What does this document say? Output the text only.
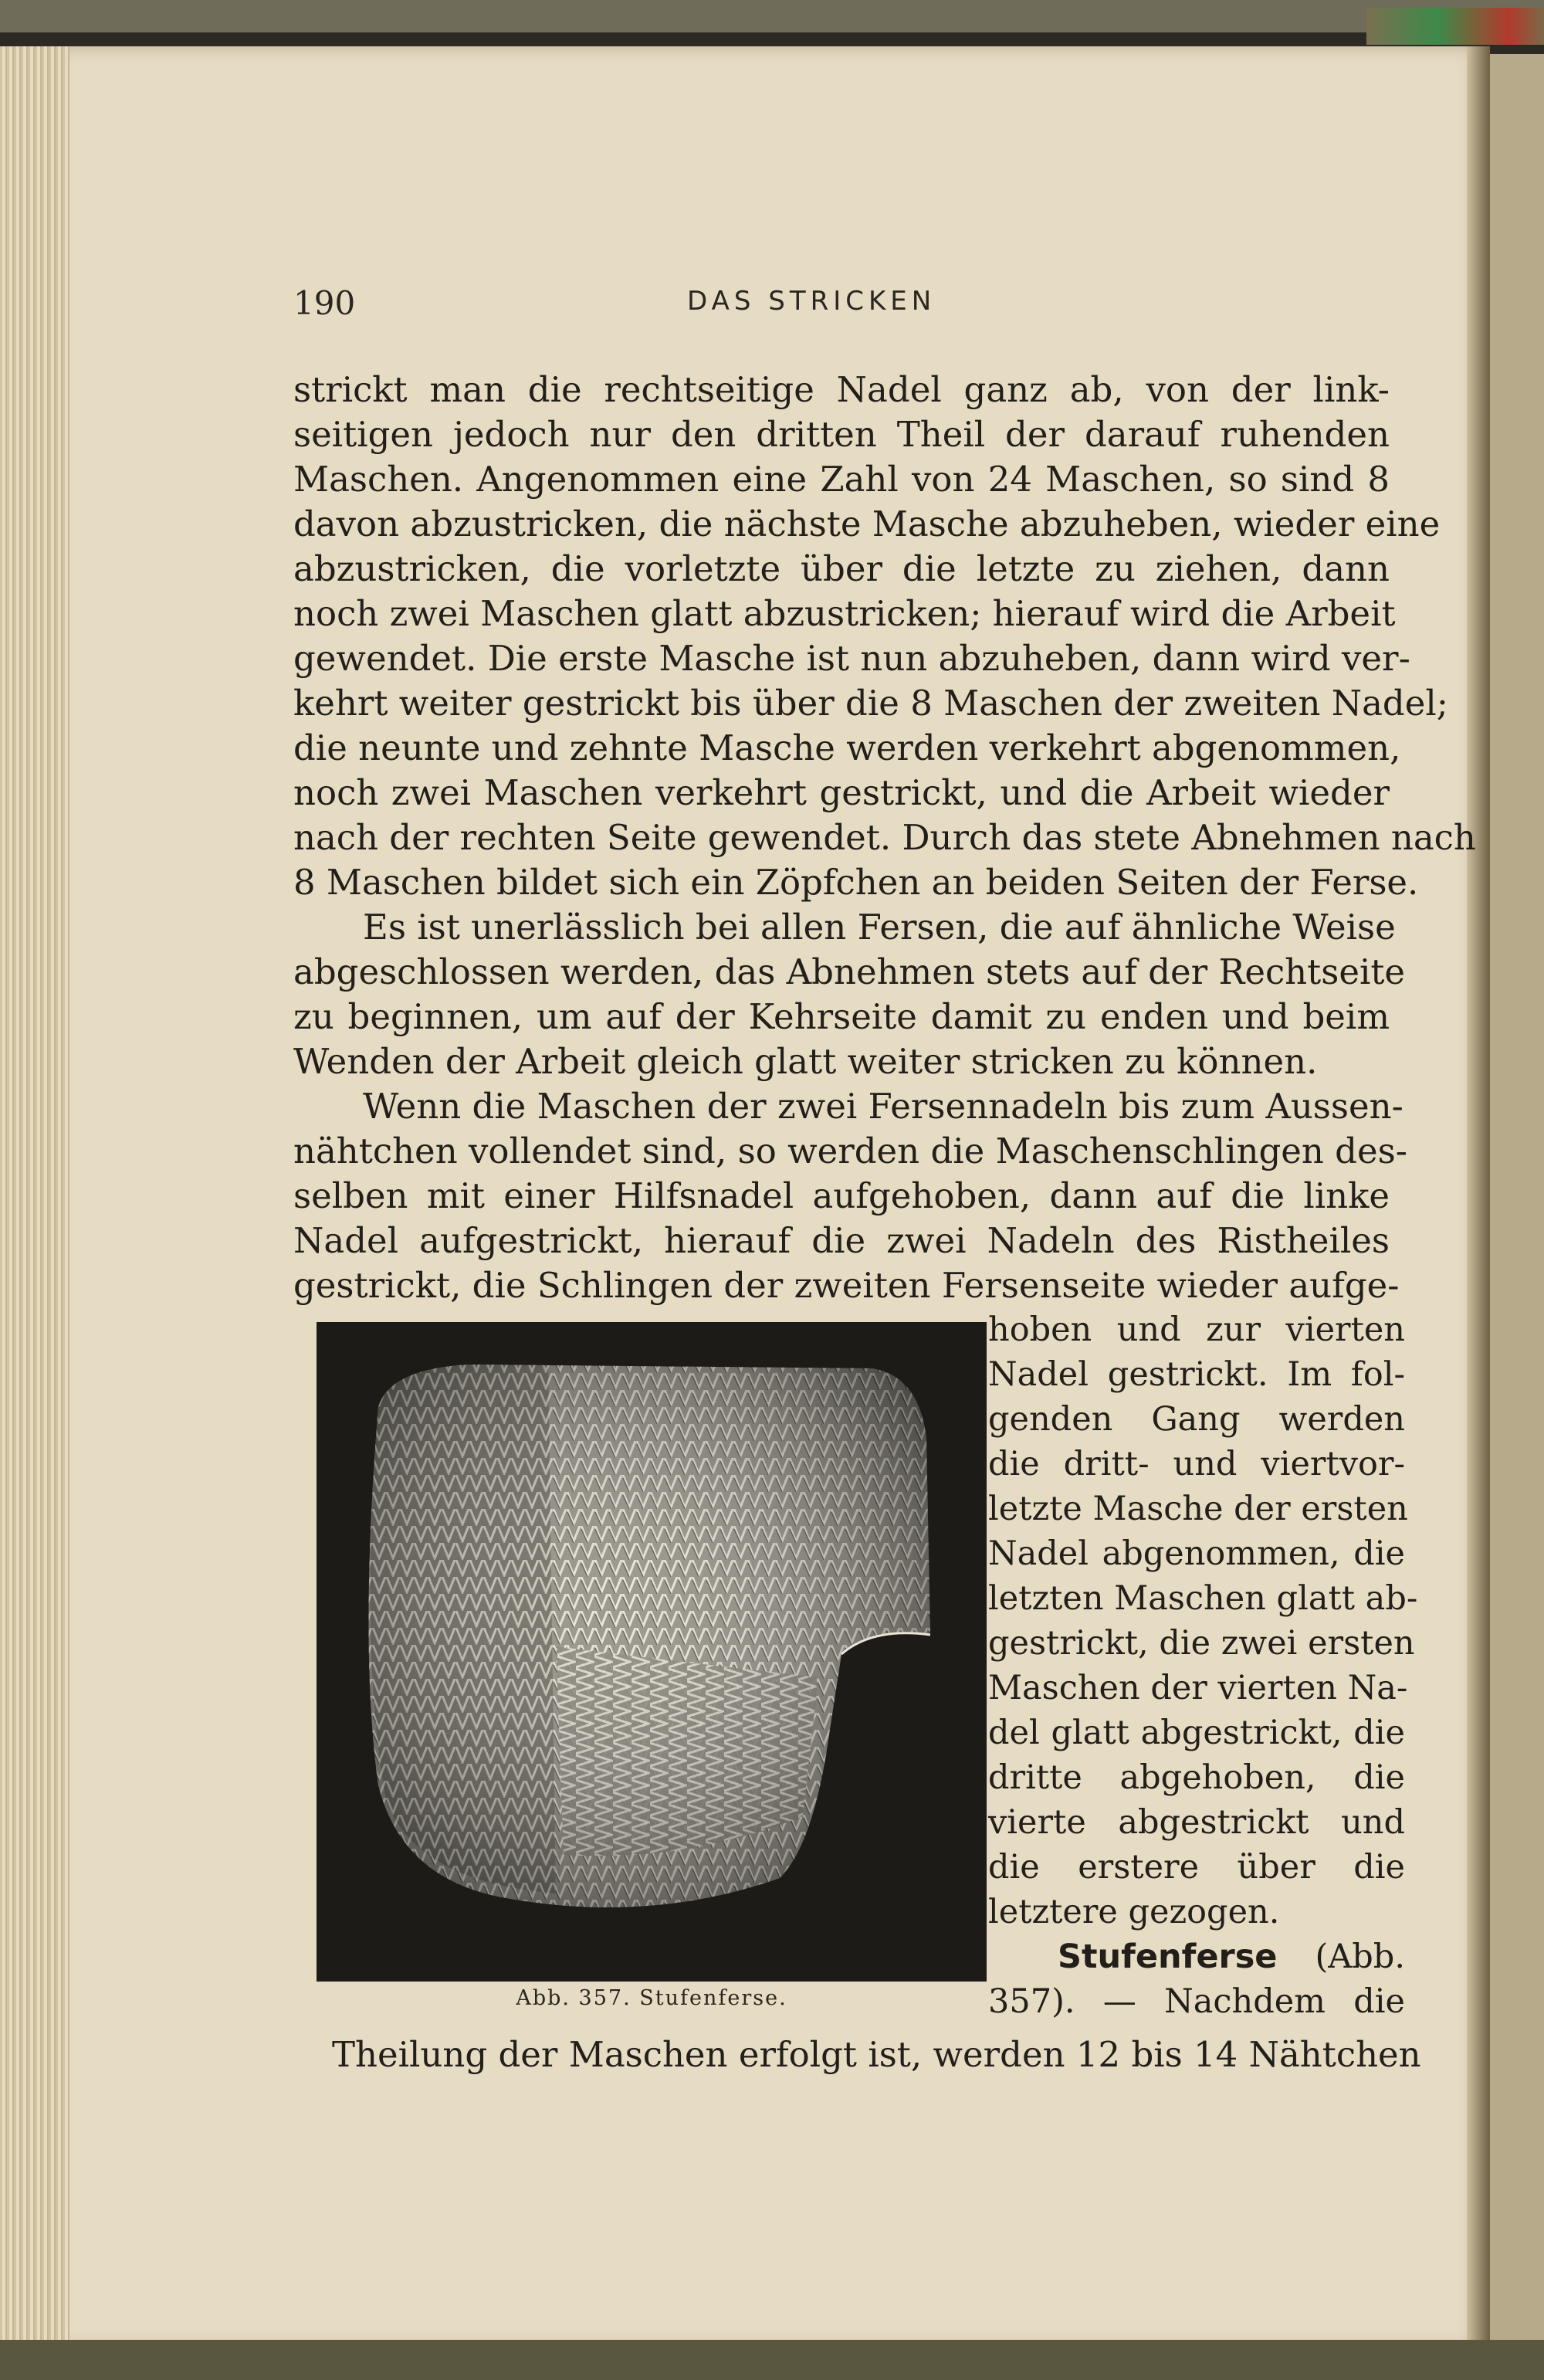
190	DAS STRICKEN
strickt man die rechtseitige Nadel ganz ab, von der link-
seitigen jedoch nur den dritten Theil der darauf ruhenden
Maschen. Angenommen eine Zahl von 24 Maschen, so sind 8
davon abzustricken, die nächste Masche abzuheben, wieder eine
abzustricken, die vorletzte über die letzte zu ziehen, dann
noch zwei Maschen glatt abzustricken; hierauf wird die Arbeit
gewendet. Die erste Masche ist nun abzuheben, dann wird ver-
kehrt weiter gestrickt bis über die 8 Maschen der zweiten Nadel;
die neunte und zehnte Masche werden verkehrt abgenommen,
noch zwei Maschen verkehrt gestrickt, und die Arbeit wieder
nach der rechten Seite gewendet. Durch das stete Abnehmen nach
8 Maschen bildet sich ein Zöpfchen an beiden Seiten der Ferse.
Es ist unerlässlich bei allen Fersen, die auf ähnliche Weise
abgeschlossen werden, das Abnehmen stets auf der Rechtseite
zu beginnen, um auf der Kehrseite damit zu enden und beim
Wenden der Arbeit gleich glatt weiter stricken zu können.
Wenn die Maschen der zwei Fersennadeln bis zum Aussen-
nähtchen vollendet sind, so werden die Maschenschlingen des-
selben mit einer Hilfsnadel aufgehoben, dann auf die linke
Nadel aufgestrickt, hierauf die zwei Nadeln des Ristheiles
gestrickt, die Schlingen der zweiten Fersenseite wieder aufge-
Abb. 357. Stufenferse.
hoben und zur vierten
Nadel gestrickt. Im fol-
genden Gang werden
die dritt- und viertvor-
letzte Masche der ersten
Nadel abgenommen, die
letzten Maschen glatt ab-
gestrickt, die zwei ersten
Maschen der vierten Na-
del glatt abgestrickt, die
dritte abgehoben, die
vierte abgestrickt und
die erstere über die
letztere gezogen.
Stufenferse (Abb.
357). — Nachdem die
Theilung der Maschen erfolgt ist, werden 12 bis 14 Nähtchen
